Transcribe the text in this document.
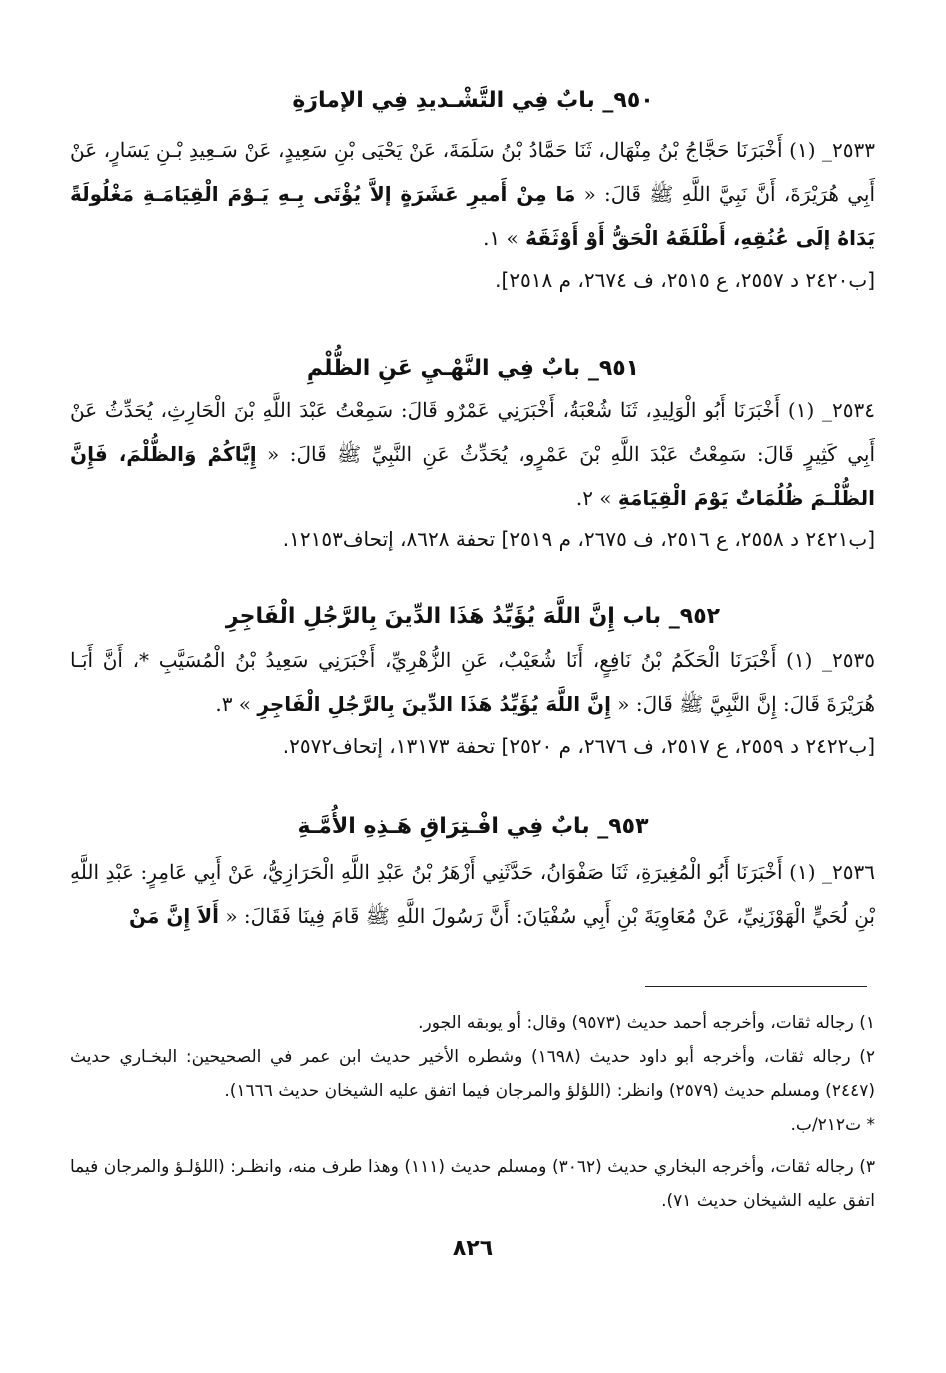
٩٥٠_ بابٌ فِي التَّشْـديدِ فِي الإمارَةِ
٢٥٣٣_ (١) أَخْبَرَنَا حَجَّاجُ بْنُ مِنْهَال، ثَنَا حَمَّادُ بْنُ سَلَمَةَ، عَنْ يَحْيَى بْنِ سَعِيدٍ، عَنْ سَـعِيدِ بْـنِ يَسَارٍ، عَنْ أَبِي هُرَيْرَةَ، أَنَّ نَبِيَّ اللَّهِ ﷺ قَالَ: « مَا مِنْ أَميرِ عَشَرَةٍ إلاَّ يُؤْتَى بِـهِ يَـوْمَ الْقِيَامَـةِ مَغْلُولَةً يَدَاهُ إلَى عُنُقِهِ، أَطْلَقَهُ الْحَقُّ أَوْ أَوْثَقَهُ » ١.
[ب٢٤٢٠ د ٢٥٥٧، ع ٢٥١٥، ف ٢٦٧٤، م ٢٥١٨].
٩٥١_ بابٌ فِي النَّهْـيِ عَنِ الظُّلْمِ
٢٥٣٤_ (١) أَخْبَرَنَا أَبُو الْوَلِيدِ، ثَنَا شُعْبَةُ، أَخْبَرَنِي عَمْرٌو قَالَ: سَمِعْتُ عَبْدَ اللَّهِ بْنَ الْحَارِثِ، يُحَدِّثُ عَنْ أَبِي كَثِيرٍ قَالَ: سَمِعْتُ عَبْدَ اللَّهِ بْنَ عَمْرٍو، يُحَدِّثُ عَنِ النَّبِيِّ ﷺ قَالَ: « إِيَّاكُمْ وَالظُّلْمَ، فَإِنَّ الظُّلْـمَ ظُلُمَاتٌ يَوْمَ الْقِيَامَةِ » ٢.
[ب٢٤٢١ د ٢٥٥٨، ع ٢٥١٦، ف ٢٦٧٥، م ٢٥١٩] تحفة ٨٦٢٨، إتحاف١٢١٥٣.
٩٥٢_ باب إِنَّ اللَّهَ يُؤَيِّدُ هَذَا الدِّينَ بِالرَّجُلِ الْفَاجِرِ
٢٥٣٥_ (١) أَخْبَرَنَا الْحَكَمُ بْنُ نَافِعٍ، أَنَا شُعَيْبٌ، عَنِ الزُّهْرِيِّ، أَخْبَرَنِي سَعِيدُ بْنُ الْمُسَيَّبِ *، أَنَّ أَبَـا هُرَيْرَةَ قَالَ: إِنَّ النَّبِيَّ ﷺ قَالَ: « إِنَّ اللَّهَ يُؤَيِّدُ هَذَا الدِّينَ بِالرَّجُلِ الْفَاجِرِ » ٣.
[ب٢٤٢٢ د ٢٥٥٩، ع ٢٥١٧، ف ٢٦٧٦، م ٢٥٢٠] تحفة ١٣١٧٣، إتحاف٢٥٧٢.
٩٥٣_ بابٌ فِي افْـتِرَاقِ هَـذِهِ الأُمَّـةِ
٢٥٣٦_ (١) أَخْبَرَنَا أَبُو الْمُغِيرَةِ، ثَنَا صَفْوَانُ، حَدَّثَنِي أَزْهَرُ بْنُ عَبْدِ اللَّهِ الْحَرَازِيُّ، عَنْ أَبِي عَامِرٍ: عَبْدِ اللَّهِ بْنِ لُحَيٍّ الْهَوْزَنِيِّ، عَنْ مُعَاوِيَةَ بْنِ أَبِي سُفْيَانَ: أَنَّ رَسُولَ اللَّهِ ﷺ قَامَ فِينَا فَقَالَ: « أَلاَ إِنَّ مَنْ
١) رجاله ثقات، وأخرجه أحمد حديث (٩٥٧٣) وقال: أو يوبقه الجور.
٢) رجاله ثقات، وأخرجه أبو داود حديث (١٦٩٨) وشطره الأخير حديث ابن عمر في الصحيحين: البخـاري حديث (٢٤٤٧) ومسلم حديث (٢٥٧٩) وانظر: (اللؤلؤ والمرجان فيما اتفق عليه الشيخان حديث ١٦٦٦).
* ت٢١٢/ب.
٣) رجاله ثقات، وأخرجه البخاري حديث (٣٠٦٢) ومسلم حديث (١١١) وهذا طرف منه، وانظـر: (اللؤلـؤ والمرجان فيما اتفق عليه الشيخان حديث ٧١).
٨٢٦
